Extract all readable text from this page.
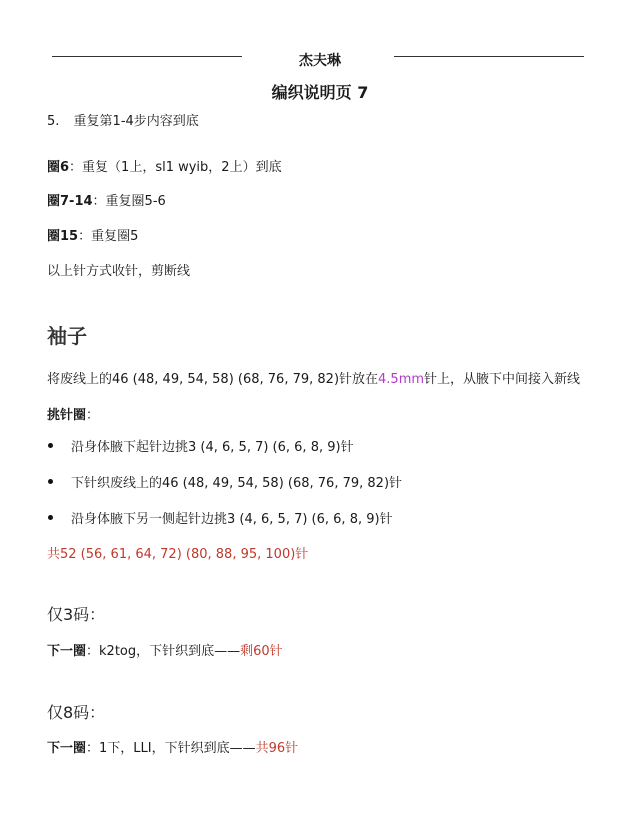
杰夫琳
编织说明页 7
5. 重复第1-4步内容到底
圈6：重复（1上，sl1 wyib，2上）到底
圈7-14：重复圈5-6
圈15：重复圈5
以上针方式收针，剪断线
袖子
将废线上的46 (48, 49, 54, 58) (68, 76, 79, 82)针放在4.5mm针上，从腋下中间接入新线
挑针圈：
沿身体腋下起针边挑3 (4, 6, 5, 7) (6, 6, 8, 9)针
下针织废线上的46 (48, 49, 54, 58) (68, 76, 79, 82)针
沿身体腋下另一侧起针边挑3 (4, 6, 5, 7) (6, 6, 8, 9)针
共52 (56, 61, 64, 72) (80, 88, 95, 100)针
仅3码：
下一圈：k2tog，下针织到底——剩60针
仅8码：
下一圈：1下，LLI，下针织到底——共96针
